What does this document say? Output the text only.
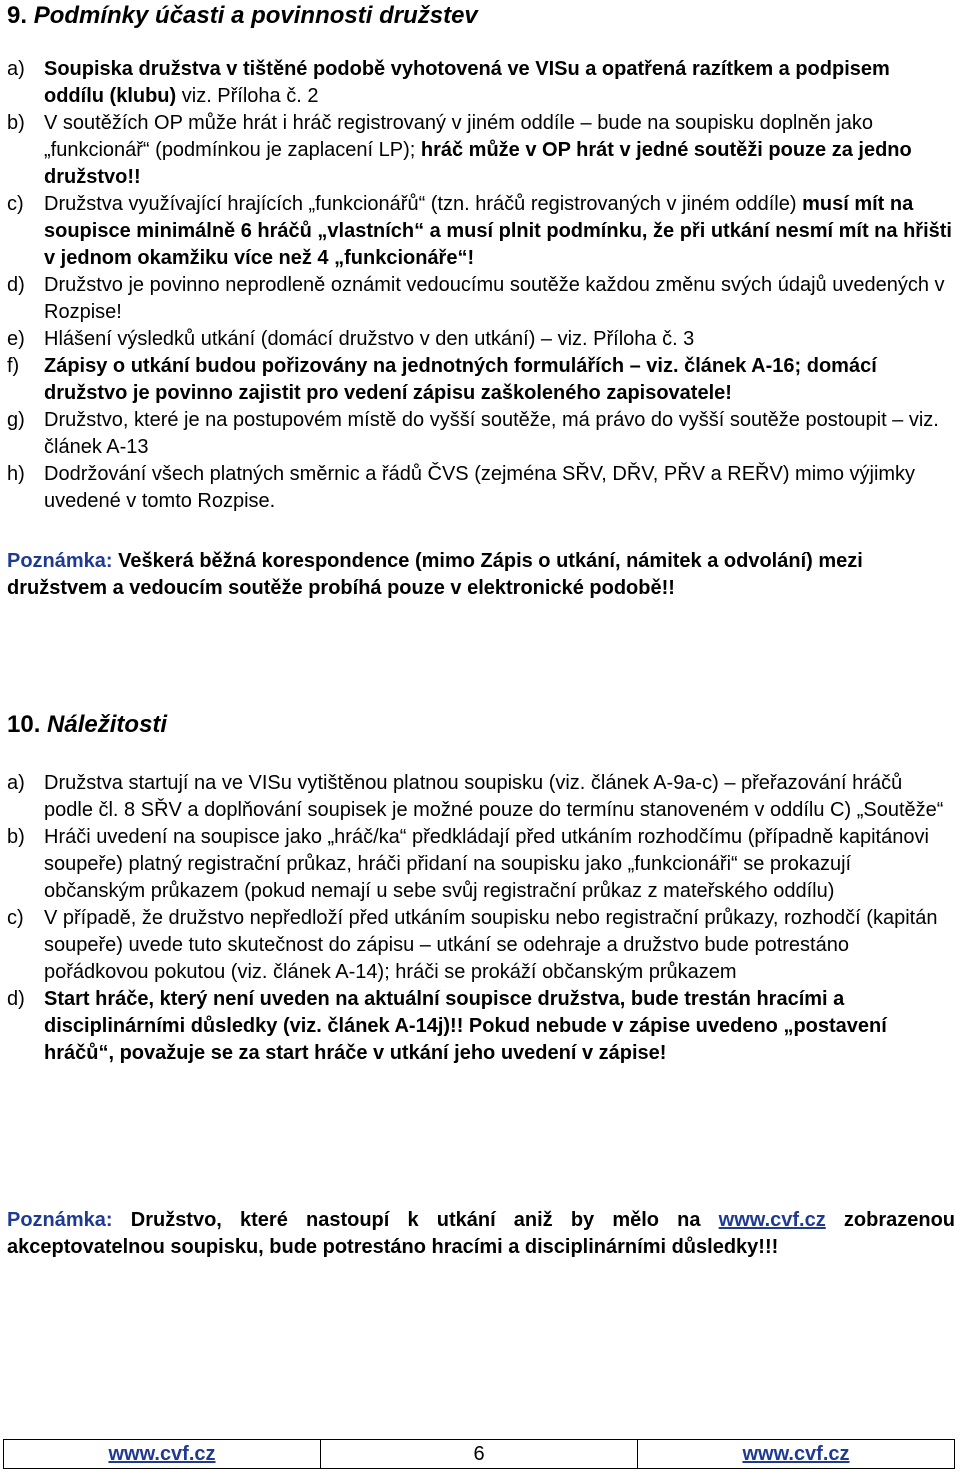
9. Podmínky účasti a povinnosti družstev

a) Soupiska družstva v tištěné podobě vyhotovená ve VISu a opatřená razítkem a podpisem oddílu (klubu) viz. Příloha č. 2

b) V soutěžích OP může hrát i hráč registrovaný v jiném oddíle – bude na soupisku doplněn jako „funkcionář“ (podmínkou je zaplacení LP); hráč může v OP hrát v jedné soutěži pouze za jedno družstvo!!

c) Družstva využívající hrajících „funkcionářů“ (tzn. hráčů registrovaných v jiném oddíle) musí mít na soupisce minimálně 6 hráčů „vlastních“ a musí plnit podmínku, že při utkání nesmí mít na hřišti v jednom okamžiku více než 4 „funkcionáře“!

d) Družstvo je povinno neprodleně oznámit vedoucímu soutěže každou změnu svých údajů uvedených v Rozpise!

e) Hlášení výsledků utkání (domácí družstvo v den utkání) – viz. Příloha č. 3

f) Zápisy o utkání budou pořizovány na jednotných formulářích – viz. článek A-16; domácí družstvo je povinno zajistit pro vedení zápisu zaškoleného zapisovatele!

g) Družstvo, které je na postupovém místě do vyšší soutěže, má právo do vyšší soutěže postoupit – viz. článek A-13

h) Dodržování všech platných směrnic a řádů ČVS (zejména SŘV, DŘV, PŘV a REŘV) mimo výjimky uvedené v tomto Rozpise.

Poznámka: Veškerá běžná korespondence (mimo Zápis o utkání, námitek a odvolání) mezi družstvem a vedoucím soutěže probíhá pouze v elektronické podobě!!
10. Náležitosti

a) Družstva startují na ve VISu vytištěnou platnou soupisku (viz. článek A-9a-c) – přeřazování hráčů podle čl. 8 SŘV a doplňování soupisek je možné pouze do termínu stanoveném v oddílu C) „Soutěže“

b) Hráči uvedení na soupisce jako „hráč/ka“ předkládají před utkáním rozhodčímu (případně kapitánovi soupeře) platný registrační průkaz, hráči přidaní na soupisku jako „funkcionáři“ se prokazují občanským průkazem (pokud nemají u sebe svůj registrační průkaz z mateřského oddílu)

c) V případě, že družstvo nepředloží před utkáním soupisku nebo registrační průkazy, rozhodčí (kapitán soupeře) uvede tuto skutečnost do zápisu – utkání se odehraje a družstvo bude potrestáno pořádkovou pokutou (viz. článek A-14); hráči se prokáží občanským průkazem

d) Start hráče, který není uveden na aktuální soupisce družstva, bude trestán hracími a disciplinárními důsledky (viz. článek A-14j)!! Pokud nebude v zápise uvedeno „postavení hráčů“, považuje se za start hráče v utkání jeho uvedení v zápise!

Poznámka: Družstvo, které nastoupí k utkání aniž by mělo na www.cvf.cz zobrazenou akceptovatelnou soupisku, bude potrestáno hracími a disciplinárními důsledky!!!
www.cvf.cz	6	www.cvf.cz
